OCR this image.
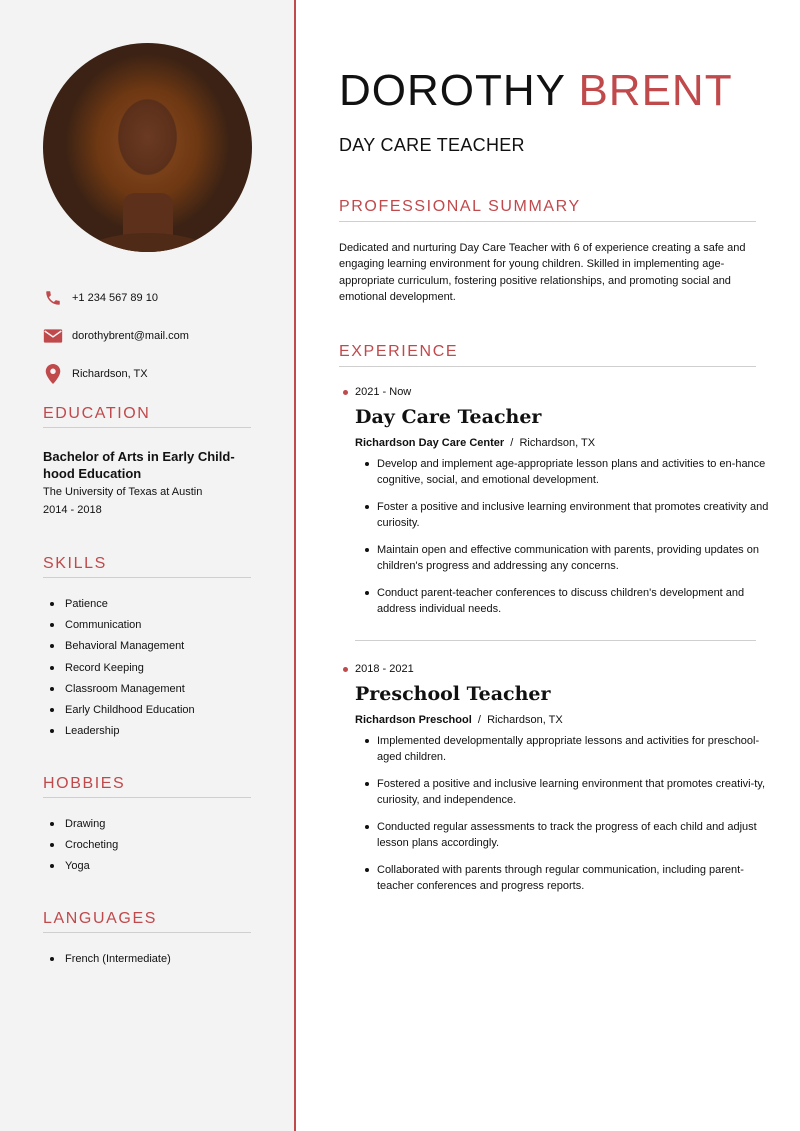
+1 234 567 89 10
dorothybrent@mail.com
Richardson, TX
EDUCATION
Bachelor of Arts in Early Child-hood Education
The University of Texas at Austin
2014 - 2018
SKILLS
Patience
Communication
Behavioral Management
Record Keeping
Classroom Management
Early Childhood Education
Leadership
HOBBIES
Drawing
Crocheting
Yoga
LANGUAGES
French (Intermediate)
DOROTHY BRENT
DAY CARE TEACHER
PROFESSIONAL SUMMARY
Dedicated and nurturing Day Care Teacher with 6 of experience creating a safe and engaging learning environment for young children. Skilled in implementing age-appropriate curriculum, fostering positive relationships, and promoting social and emotional development.
EXPERIENCE
2021 - Now
Day Care Teacher
Richardson Day Care Center / Richardson, TX
Develop and implement age-appropriate lesson plans and activities to en-hance cognitive, social, and emotional development.
Foster a positive and inclusive learning environment that promotes creativity and curiosity.
Maintain open and effective communication with parents, providing updates on children's progress and addressing any concerns.
Conduct parent-teacher conferences to discuss children's development and address individual needs.
2018 - 2021
Preschool Teacher
Richardson Preschool / Richardson, TX
Implemented developmentally appropriate lessons and activities for preschool-aged children.
Fostered a positive and inclusive learning environment that promotes creativi-ty, curiosity, and independence.
Conducted regular assessments to track the progress of each child and adjust lesson plans accordingly.
Collaborated with parents through regular communication, including parent-teacher conferences and progress reports.
